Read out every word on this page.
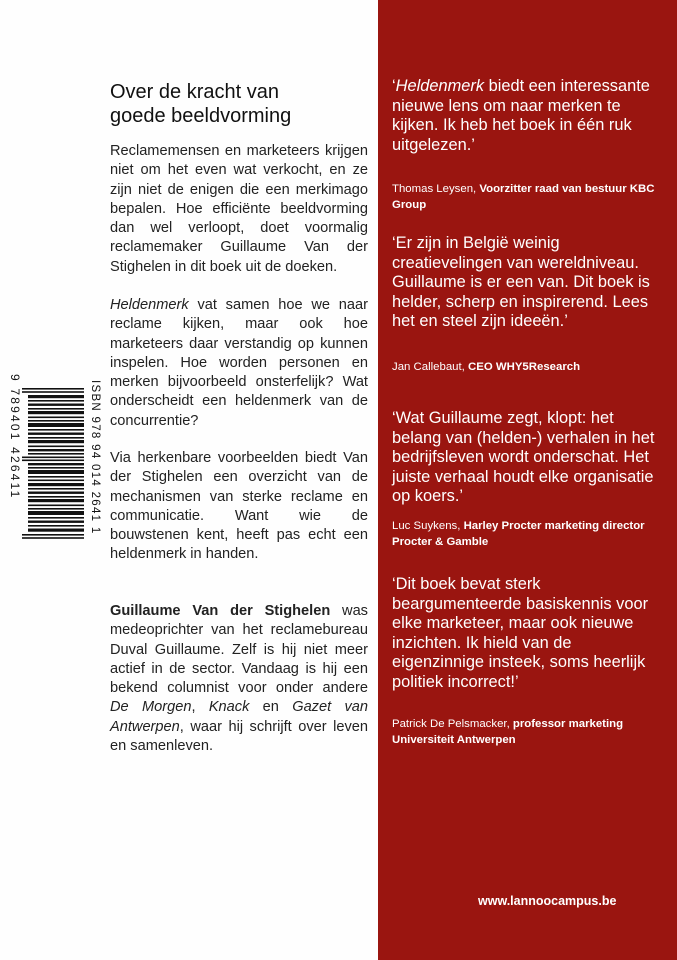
Over de kracht van
goede beeldvorming

Reclamemensen en marketeers krijgen niet om het even wat verkocht, en ze zijn niet de enigen die een merkimago bepalen. Hoe efficiënte beeldvorming dan wel verloopt, doet voormalig reclamemaker Guillaume Van der Stighelen in dit boek uit de doeken.

Heldenmerk vat samen hoe we naar reclame kijken, maar ook hoe marketeers daar verstandig op kunnen inspelen. Hoe worden personen en merken bijvoorbeeld onsterfelijk? Wat onderscheidt een heldenmerk van de concurrentie?

Via herkenbare voorbeelden biedt Van der Stighelen een overzicht van de mechanismen van sterke reclame en communicatie. Want wie de bouwstenen kent, heeft pas echt een heldenmerk in handen.

Guillaume Van der Stighelen was medeoprichter van het reclamebureau Duval Guillaume. Zelf is hij niet meer actief in de sector. Vandaag is hij een bekend columnist voor onder andere De Morgen, Knack en Gazet van Antwerpen, waar hij schrijft over leven en samenleven.

ISBN 978 94 014 2641 1
9 789401 426411

‘Heldenmerk biedt een interessante nieuwe lens om naar merken te kijken. Ik heb het boek in één ruk uitgelezen.’

Thomas Leysen, Voorzitter raad van bestuur KBC Group

‘Er zijn in België weinig creatievelingen van wereldniveau. Guillaume is er een van. Dit boek is helder, scherp en inspirerend. Lees het en steel zijn ideeën.’

Jan Callebaut, CEO WHY5Research

‘Wat Guillaume zegt, klopt: het belang van (helden-) verhalen in het bedrijfsleven wordt onderschat. Het juiste verhaal houdt elke organisatie op koers.’

Luc Suykens, Harley Procter marketing director Procter & Gamble

‘Dit boek bevat sterk beargumenteerde basiskennis voor elke marketeer, maar ook nieuwe inzichten. Ik hield van de eigenzinnige insteek, soms heerlijk politiek incorrect!’

Patrick De Pelsmacker, professor marketing Universiteit Antwerpen

www.lannoocampus.be
